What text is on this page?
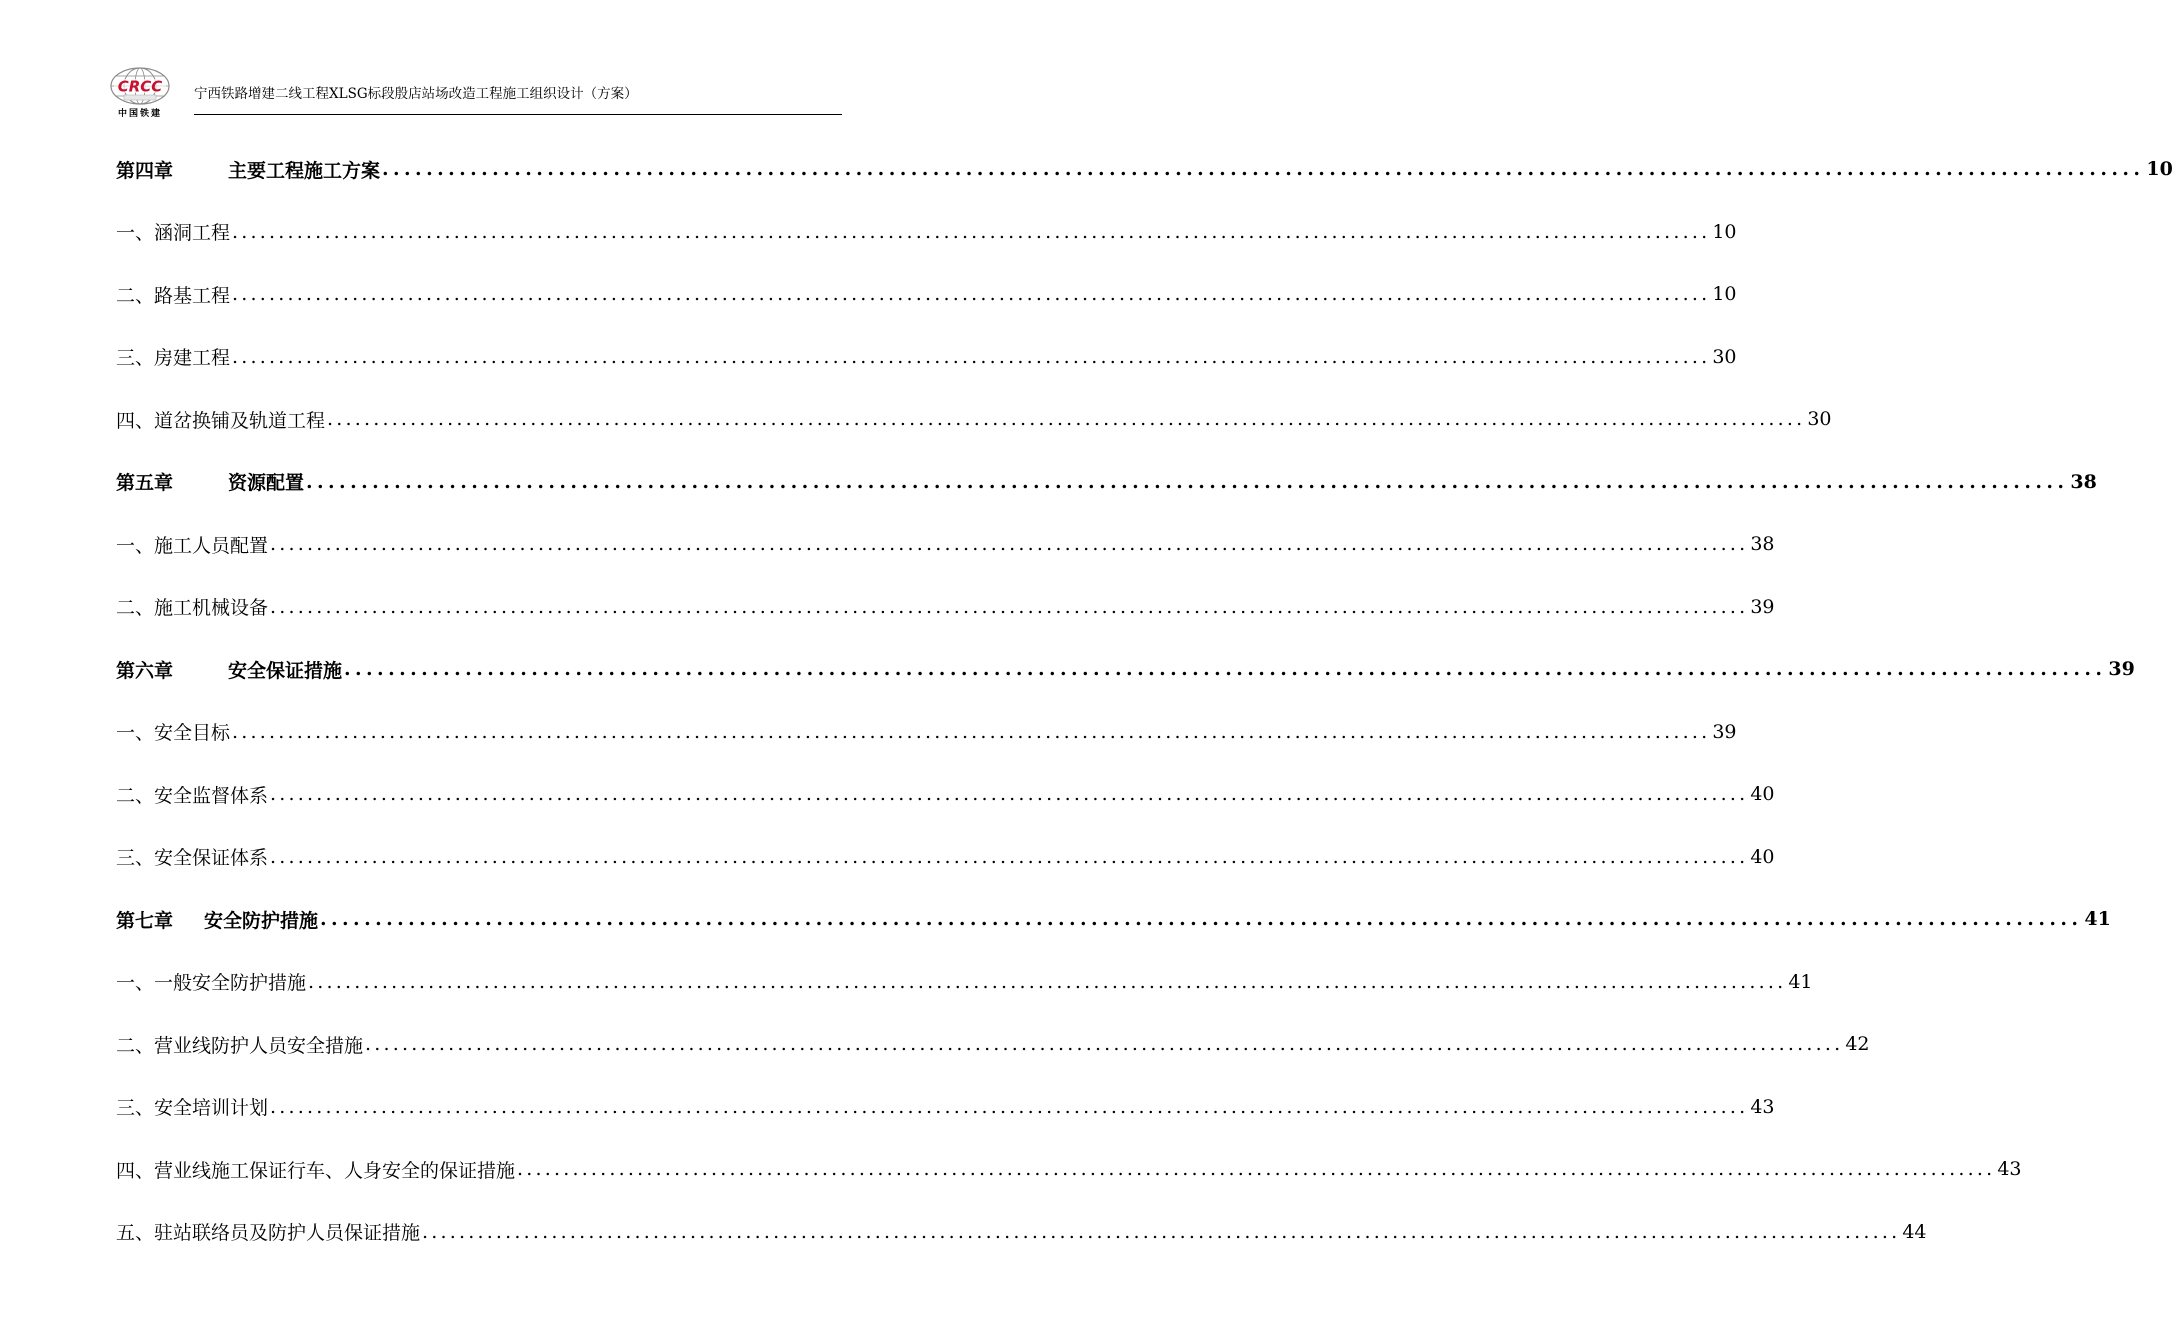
CRCC
中国铁建
宁西铁路增建二线工程XLSG标段殷店站场改造工程施工组织设计（方案）
第四章	主要工程施工方案 ................................................................................................................................................................ 10
一、涵洞工程 ................................................................................................................................................................ 10
二、路基工程 ................................................................................................................................................................ 10
三、房建工程 ................................................................................................................................................................ 30
四、道岔换铺及轨道工程 ................................................................................................................................................................ 30
第五章	资源配置 ................................................................................................................................................................ 38
一、施工人员配置 ................................................................................................................................................................ 38
二、施工机械设备 ................................................................................................................................................................ 39
第六章	安全保证措施 ................................................................................................................................................................ 39
一、安全目标 ................................................................................................................................................................ 39
二、安全监督体系 ................................................................................................................................................................ 40
三、安全保证体系 ................................................................................................................................................................ 40
第七章	安全防护措施 ................................................................................................................................................................ 41
一、一般安全防护措施 ................................................................................................................................................................ 41
二、营业线防护人员安全措施 ................................................................................................................................................................ 42
三、安全培训计划 ................................................................................................................................................................ 43
四、营业线施工保证行车、人身安全的保证措施 ................................................................................................................................................................ 43
五、驻站联络员及防护人员保证措施 ................................................................................................................................................................ 44
